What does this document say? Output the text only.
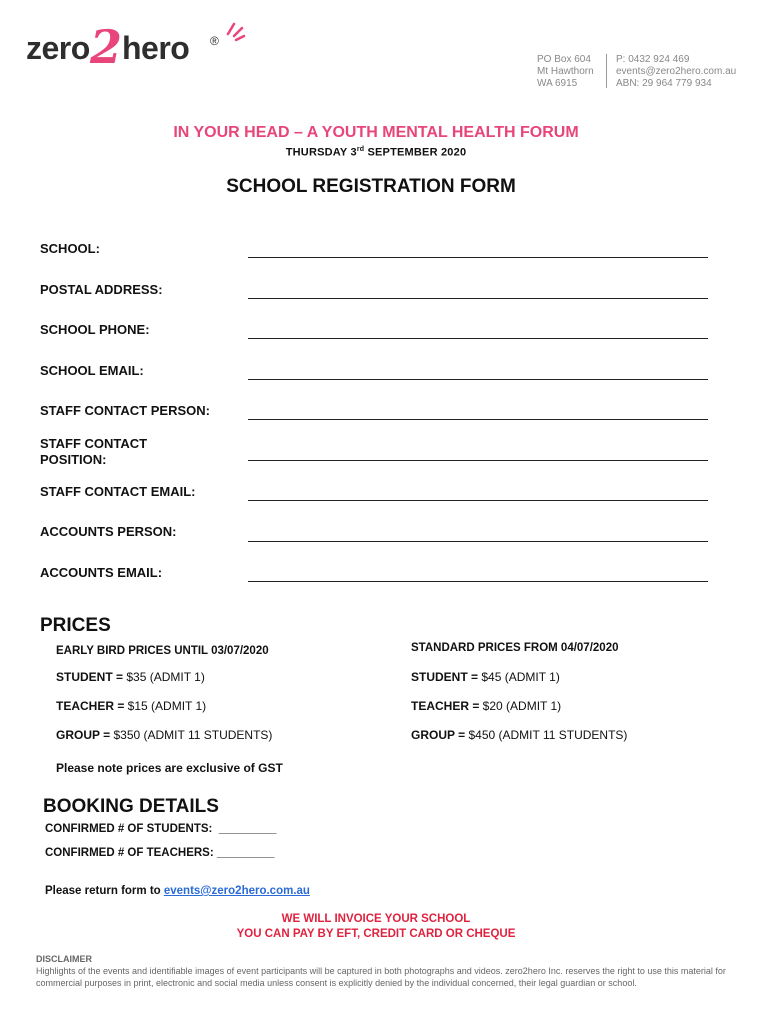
zero 2 hero ®
PO Box 604
Mt Hawthorn
WA 6915
P: 0432 924 469
events@zero2hero.com.au
ABN: 29 964 779 934
IN YOUR HEAD – A YOUTH MENTAL HEALTH FORUM
THURSDAY 3rd SEPTEMBER 2020
SCHOOL REGISTRATION FORM
SCHOOL:
POSTAL ADDRESS:
SCHOOL PHONE:
SCHOOL EMAIL:
STAFF CONTACT PERSON:
STAFF CONTACT
POSITION:
STAFF CONTACT EMAIL:
ACCOUNTS PERSON:
ACCOUNTS EMAIL:
PRICES
EARLY BIRD PRICES UNTIL 03/07/2020	STANDARD PRICES FROM 04/07/2020
STUDENT = $35 (ADMIT 1)	STUDENT = $45 (ADMIT 1)
TEACHER = $15 (ADMIT 1)	TEACHER = $20 (ADMIT 1)
GROUP = $350 (ADMIT 11 STUDENTS)	GROUP = $450 (ADMIT 11 STUDENTS)
Please note prices are exclusive of GST
BOOKING DETAILS
CONFIRMED # OF STUDENTS:  _________
CONFIRMED # OF TEACHERS: _________
Please return form to events@zero2hero.com.au
WE WILL INVOICE YOUR SCHOOL
YOU CAN PAY BY EFT, CREDIT CARD OR CHEQUE
DISCLAIMER
Highlights of the events and identifiable images of event participants will be captured in both photographs and videos. zero2hero Inc. reserves the right to use this material for commercial purposes in print, electronic and social media unless consent is explicitly denied by the individual concerned, their legal guardian or school.
